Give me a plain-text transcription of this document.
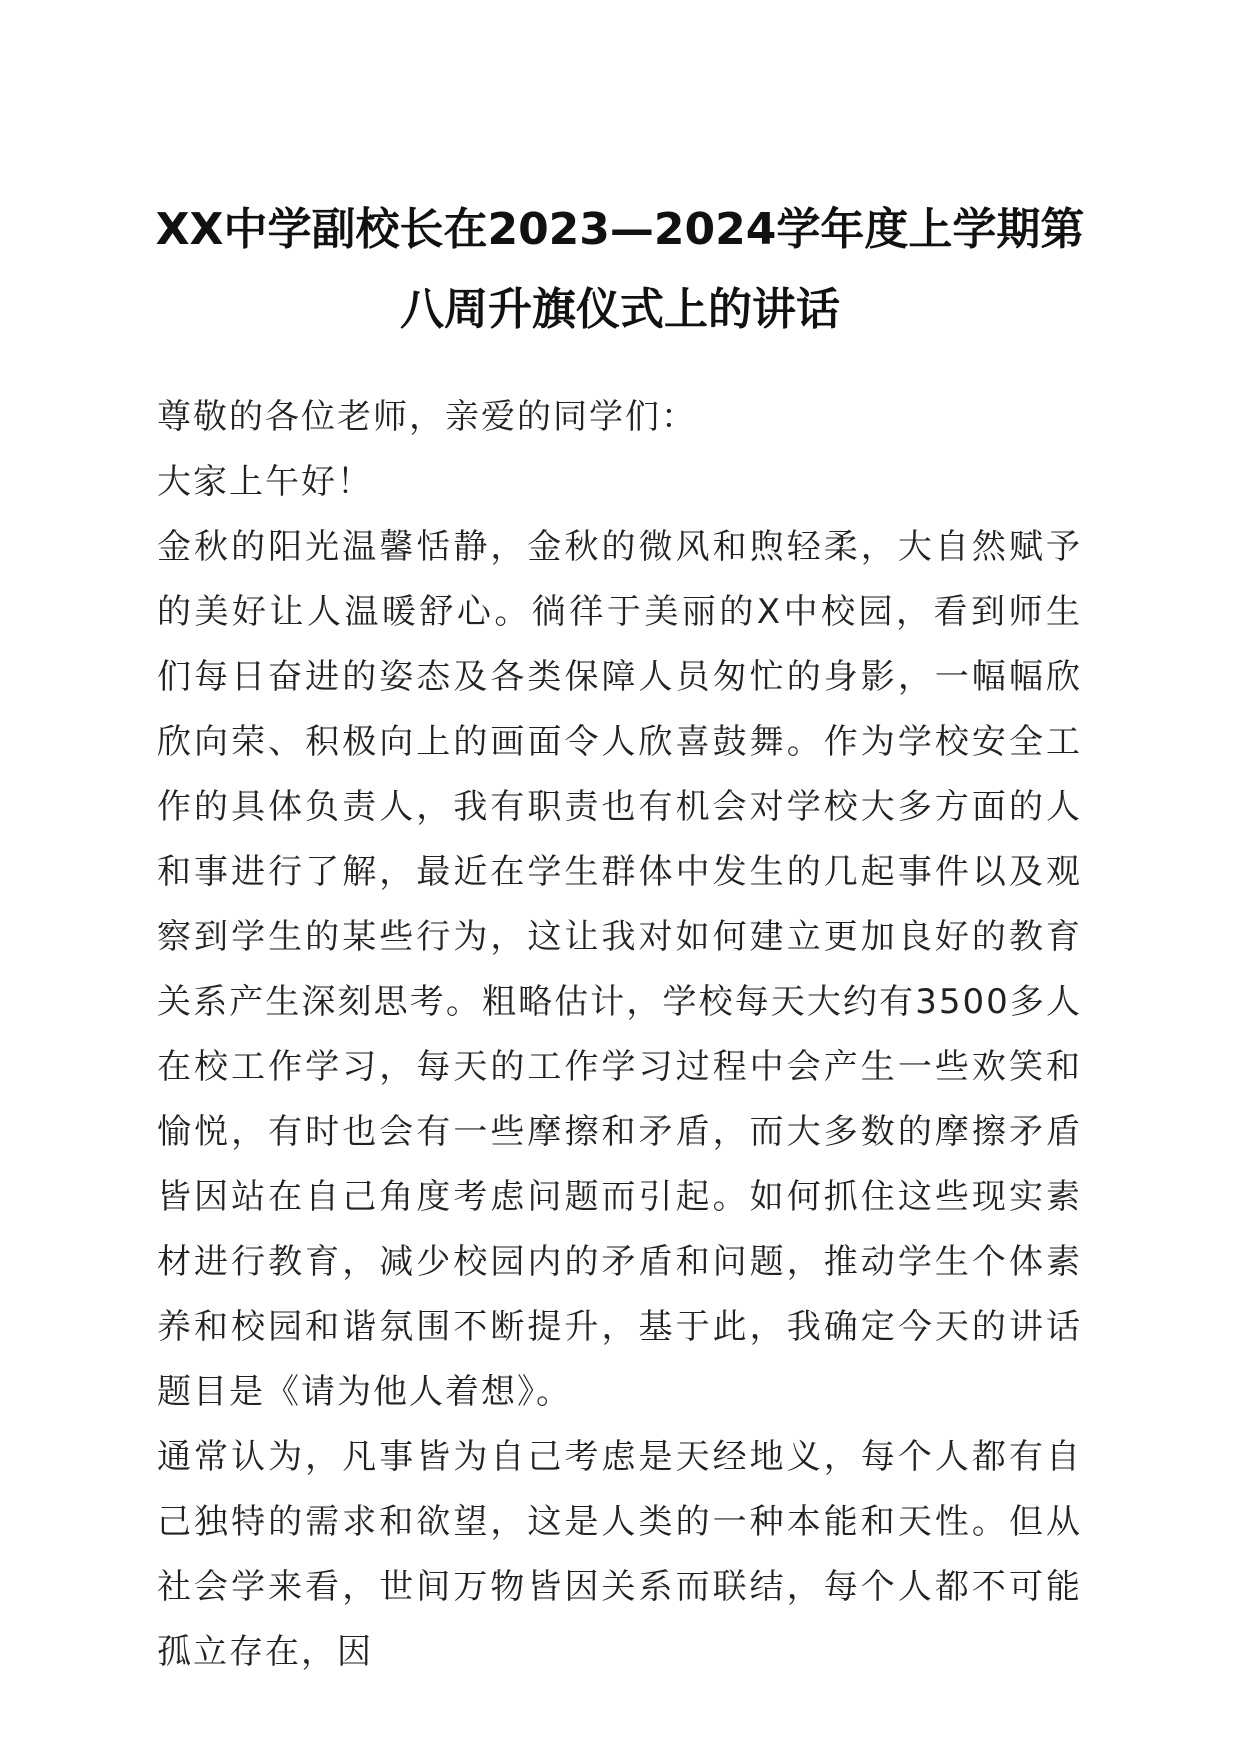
XX中学副校长在2023—2024学年度上学期第八周升旗仪式上的讲话

尊敬的各位老师，亲爱的同学们：

大家上午好！

金秋的阳光温馨恬静，金秋的微风和煦轻柔，大自然赋予的美好让人温暖舒心。徜徉于美丽的X中校园，看到师生们每日奋进的姿态及各类保障人员匆忙的身影，一幅幅欣欣向荣、积极向上的画面令人欣喜鼓舞。作为学校安全工作的具体负责人，我有职责也有机会对学校大多方面的人和事进行了解，最近在学生群体中发生的几起事件以及观察到学生的某些行为，这让我对如何建立更加良好的教育关系产生深刻思考。粗略估计，学校每天大约有3500多人在校工作学习，每天的工作学习过程中会产生一些欢笑和愉悦，有时也会有一些摩擦和矛盾，而大多数的摩擦矛盾皆因站在自己角度考虑问题而引起。如何抓住这些现实素材进行教育，减少校园内的矛盾和问题，推动学生个体素养和校园和谐氛围不断提升，基于此，我确定今天的讲话题目是《请为他人着想》。

通常认为，凡事皆为自己考虑是天经地义，每个人都有自己独特的需求和欲望，这是人类的一种本能和天性。但从社会学来看，世间万物皆因关系而联结，每个人都不可能孤立存在，因
